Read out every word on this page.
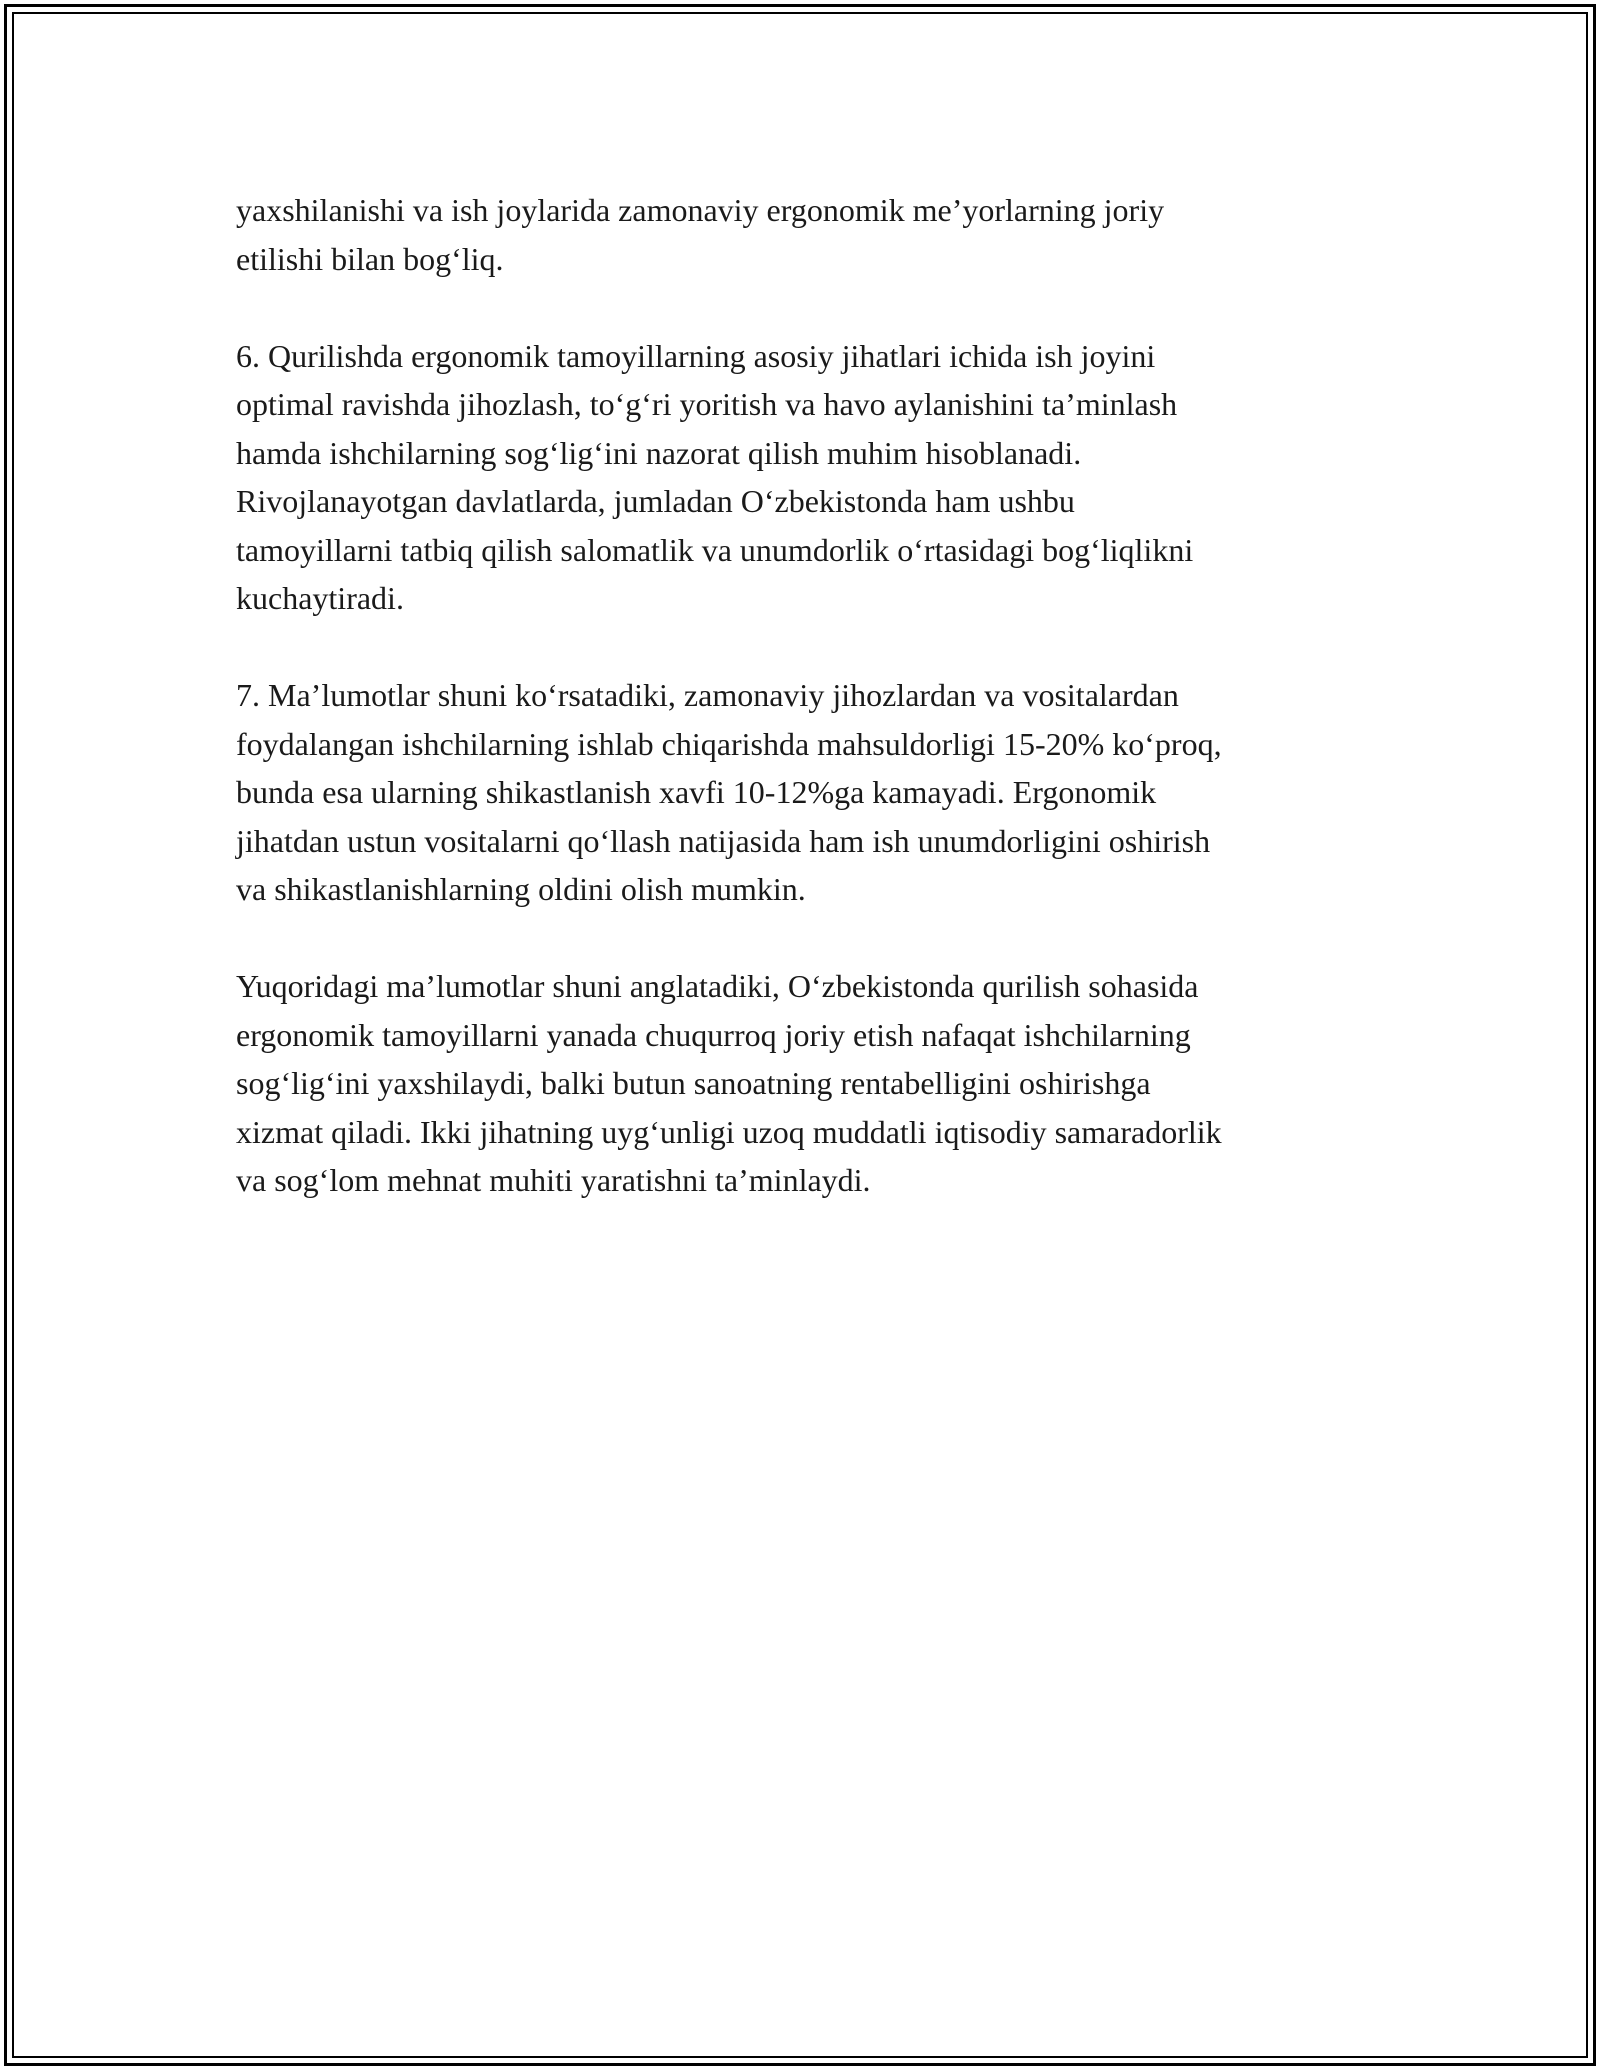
yaxshilanishi va ish joylarida zamonaviy ergonomik me’yorlarning joriy
etilishi bilan bog‘liq.

6. Qurilishda ergonomik tamoyillarning asosiy jihatlari ichida ish joyini
optimal ravishda jihozlash, to‘g‘ri yoritish va havo aylanishini ta’minlash
hamda ishchilarning sog‘lig‘ini nazorat qilish muhim hisoblanadi.
Rivojlanayotgan davlatlarda, jumladan O‘zbekistonda ham ushbu
tamoyillarni tatbiq qilish salomatlik va unumdorlik o‘rtasidagi bog‘liqlikni
kuchaytiradi.

7. Ma’lumotlar shuni ko‘rsatadiki, zamonaviy jihozlardan va vositalardan
foydalangan ishchilarning ishlab chiqarishda mahsuldorligi 15-20% ko‘proq,
bunda esa ularning shikastlanish xavfi 10-12%ga kamayadi. Ergonomik
jihatdan ustun vositalarni qo‘llash natijasida ham ish unumdorligini oshirish
va shikastlanishlarning oldini olish mumkin.

Yuqoridagi ma’lumotlar shuni anglatadiki, O‘zbekistonda qurilish sohasida
ergonomik tamoyillarni yanada chuqurroq joriy etish nafaqat ishchilarning
sog‘lig‘ini yaxshilaydi, balki butun sanoatning rentabelligini oshirishga
xizmat qiladi. Ikki jihatning uyg‘unligi uzoq muddatli iqtisodiy samaradorlik
va sog‘lom mehnat muhiti yaratishni ta’minlaydi.
